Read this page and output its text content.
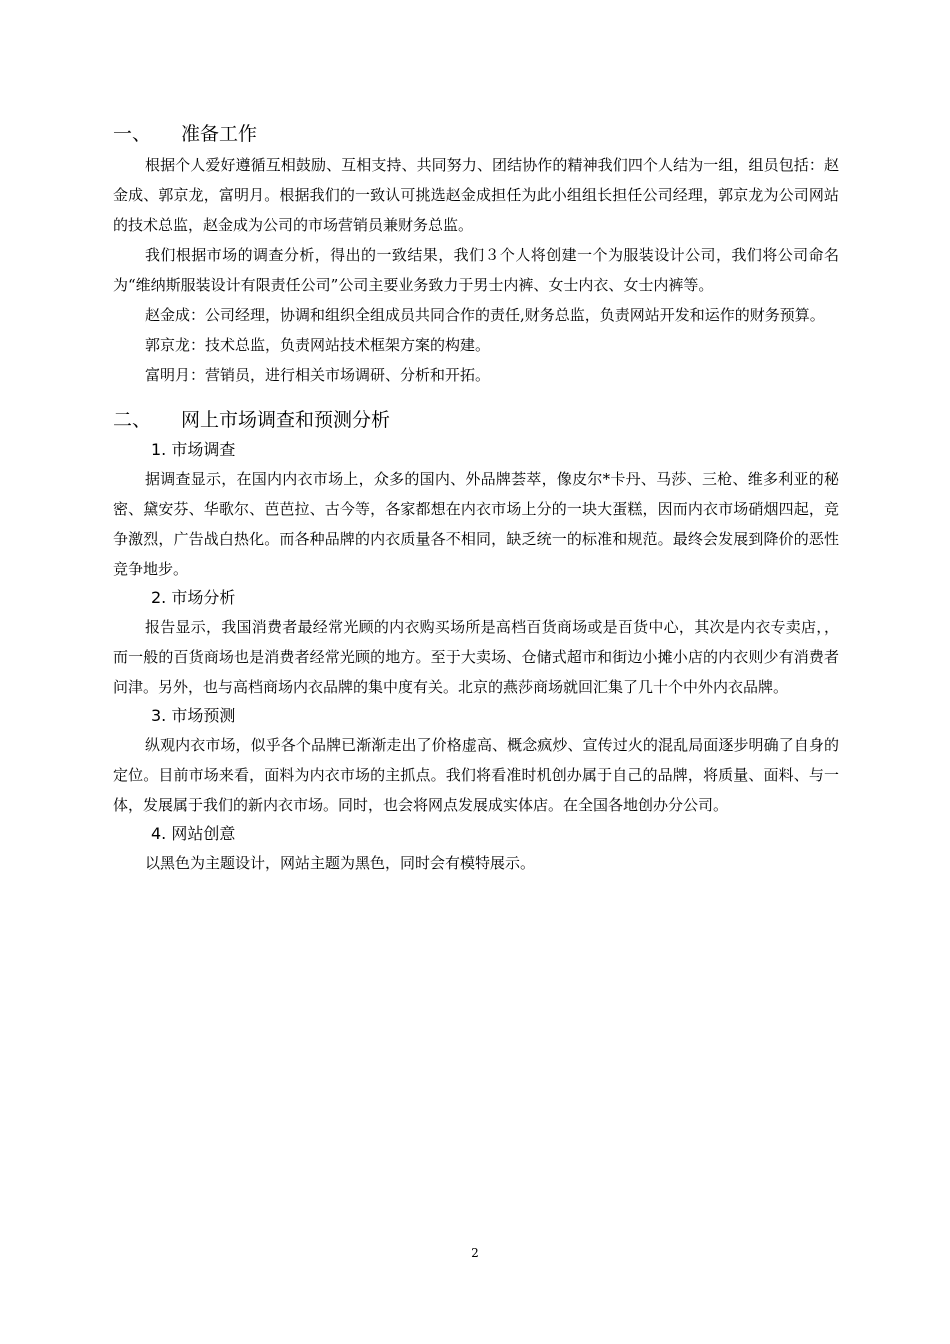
一、	准备工作

根据个人爱好遵循互相鼓励、互相支持、共同努力、团结协作的精神我们四个人结为一组，组员包括：赵金成、郭京龙，富明月。根据我们的一致认可挑选赵金成担任为此小组组长担任公司经理，郭京龙为公司网站的技术总监，赵金成为公司的市场营销员兼财务总监。

我们根据市场的调查分析，得出的一致结果，我们３个人将创建一个为服装设计公司，我们将公司命名为“维纳斯服装设计有限责任公司”公司主要业务致力于男士内裤、女士内衣、女士内裤等。

赵金成：公司经理，协调和组织全组成员共同合作的责任,财务总监，负责网站开发和运作的财务预算。

郭京龙：技术总监，负责网站技术框架方案的构建。

富明月：营销员，进行相关市场调研、分析和开拓。

二、	网上市场调查和预测分析
1. 市场调查

据调查显示，在国内内衣市场上，众多的国内、外品牌荟萃，像皮尔*卡丹、马莎、三枪、维多利亚的秘密、黛安芬、华歌尔、芭芭拉、古今等，各家都想在内衣市场上分的一块大蛋糕，因而内衣市场硝烟四起，竞争激烈，广告战白热化。而各种品牌的内衣质量各不相同，缺乏统一的标准和规范。最终会发展到降价的恶性竞争地步。

2. 市场分析

报告显示，我国消费者最经常光顾的内衣购买场所是高档百货商场或是百货中心，其次是内衣专卖店，，而一般的百货商场也是消费者经常光顾的地方。至于大卖场、仓储式超市和街边小摊小店的内衣则少有消费者问津。另外，也与高档商场内衣品牌的集中度有关。北京的燕莎商场就回汇集了几十个中外内衣品牌。

3. 市场预测

纵观内衣市场，似乎各个品牌已渐渐走出了价格虚高、概念疯炒、宣传过火的混乱局面逐步明确了自身的定位。目前市场来看，面料为内衣市场的主抓点。我们将看准时机创办属于自己的品牌，将质量、面料、与一体，发展属于我们的新内衣市场。同时，也会将网点发展成实体店。在全国各地创办分公司。

4. 网站创意

以黑色为主题设计，网站主题为黑色，同时会有模特展示。

2
